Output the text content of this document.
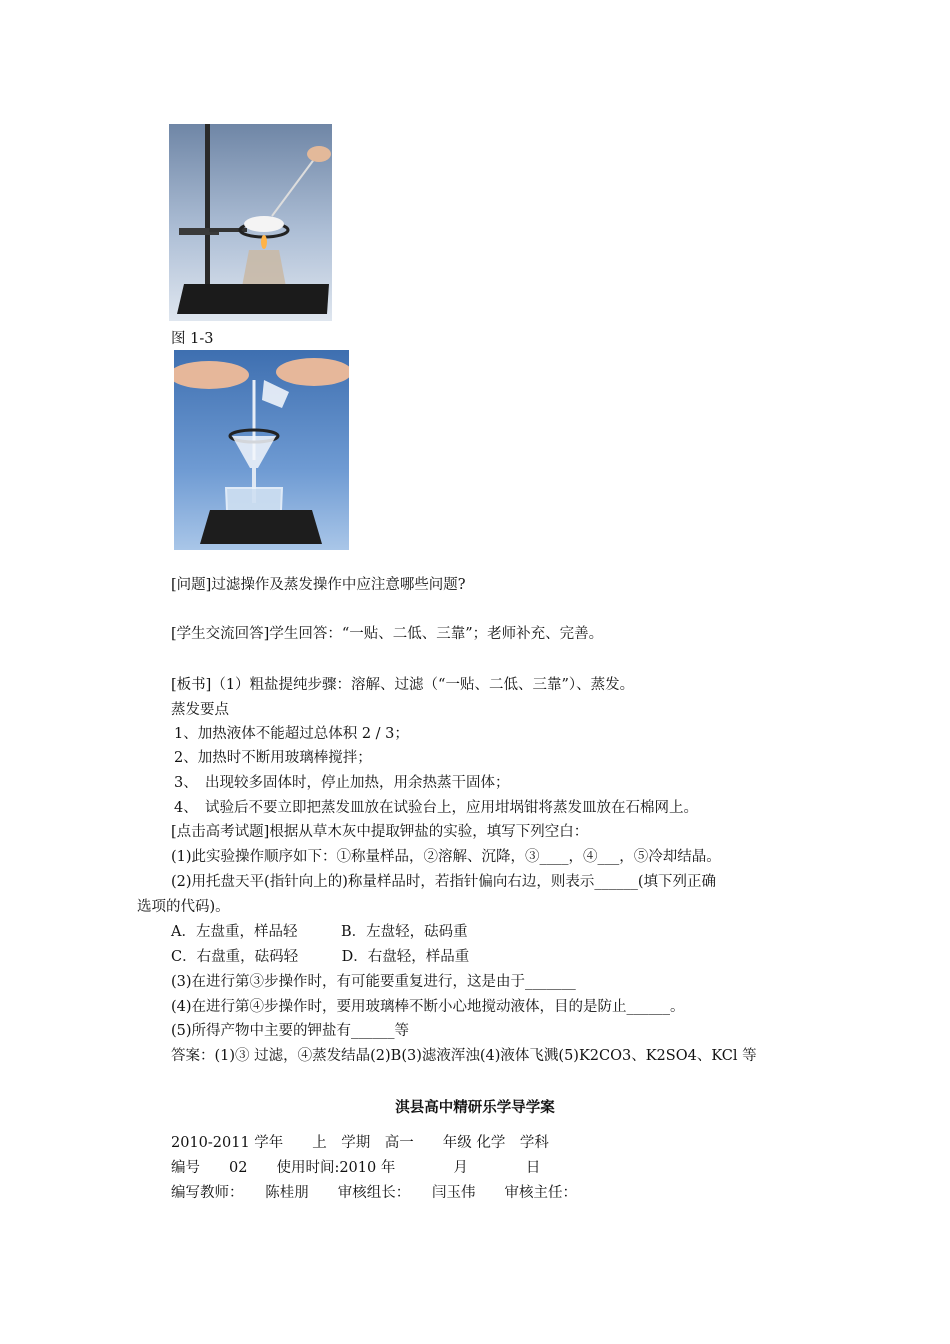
图 1-3
[问题]过滤操作及蒸发操作中应注意哪些问题?
[学生交流回答]学生回答：“一贴、二低、三靠”；老师补充、完善。
[板书]（1）粗盐提纯步骤：溶解、过滤（“一贴、二低、三靠”）、蒸发。
蒸发要点
1、加热液体不能超过总体积 2 / 3；
2、加热时不断用玻璃棒搅拌；
3、　出现较多固体时，停止加热，用余热蒸干固体；
4、　试验后不要立即把蒸发皿放在试验台上，应用坩埚钳将蒸发皿放在石棉网上。
[点击高考试题]根据从草木灰中提取钾盐的实验，填写下列空白：
(1)此实验操作顺序如下：①称量样品，②溶解、沉降，③____，④___，⑤冷却结晶。
(2)用托盘天平(指针向上的)称量样品时，若指针偏向右边，则表示______(填下列正确
选项的代码)。
A．左盘重，样品轻　　　B．左盘轻，砝码重
C．右盘重，砝码轻　　　D．右盘轻，样品重
(3)在进行第③步操作时，有可能要重复进行，这是由于_______
(4)在进行第④步操作时，要用玻璃棒不断小心地搅动液体，目的是防止______。
(5)所得产物中主要的钾盐有______等
答案：(1)③ 过滤，④蒸发结晶(2)B(3)滤液浑浊(4)液体飞溅(5)K2CO3、K2SO4、KCl 等
淇县高中精研乐学导学案
2010-2011 学年　　上　学期　高一　　年级 化学　学科
编号　　02　　使用时间:2010 年　　　　月　　　　日
编写教师：　　陈桂朋　　审核组长：　　闫玉伟　　审核主任：
